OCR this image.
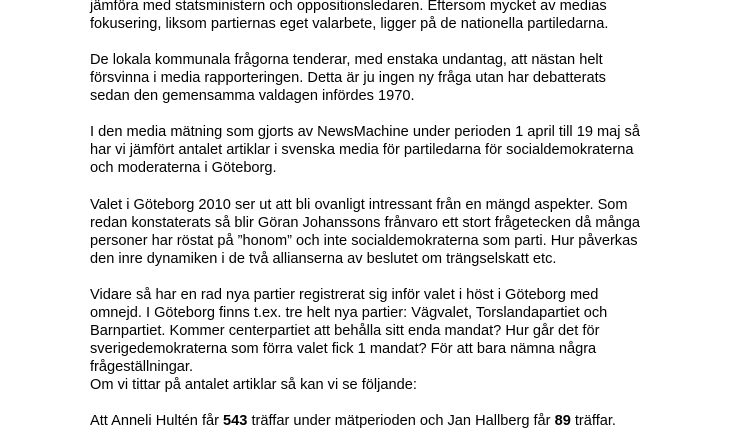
jämföra med statsministern och oppositionsledaren. Eftersom mycket av medias
fokusering, liksom partiernas eget valarbete, ligger på de nationella partiledarna.

De lokala kommunala frågorna tenderar, med enstaka undantag, att nästan helt
försvinna i media rapporteringen. Detta är ju ingen ny fråga utan har debatterats
sedan den gemensamma valdagen infördes 1970.

I den media mätning som gjorts av NewsMachine under perioden 1 april till 19 maj så
har vi jämfört antalet artiklar i svenska media för partiledarna för socialdemokraterna
och moderaterna i Göteborg.

Valet i Göteborg 2010 ser ut att bli ovanligt intressant från en mängd aspekter. Som
redan konstaterats så blir Göran Johanssons frånvaro ett stort frågetecken då många
personer har röstat på ”honom” och inte socialdemokraterna som parti. Hur påverkas
den inre dynamiken i de två allianserna av beslutet om trängselskatt etc.

Vidare så har en rad nya partier registrerat sig inför valet i höst i Göteborg med
omnejd. I Göteborg finns t.ex. tre helt nya partier: Vägvalet, Torslandapartiet och
Barnpartiet. Kommer centerpartiet att behålla sitt enda mandat? Hur går det för
sverigedemokraterna som förra valet fick 1 mandat? För att bara nämna några
frågeställningar.

Om vi tittar på antalet artiklar så kan vi se följande:

Att Anneli Hultén får 543 träffar under mätperioden och Jan Hallberg får 89 träffar.
